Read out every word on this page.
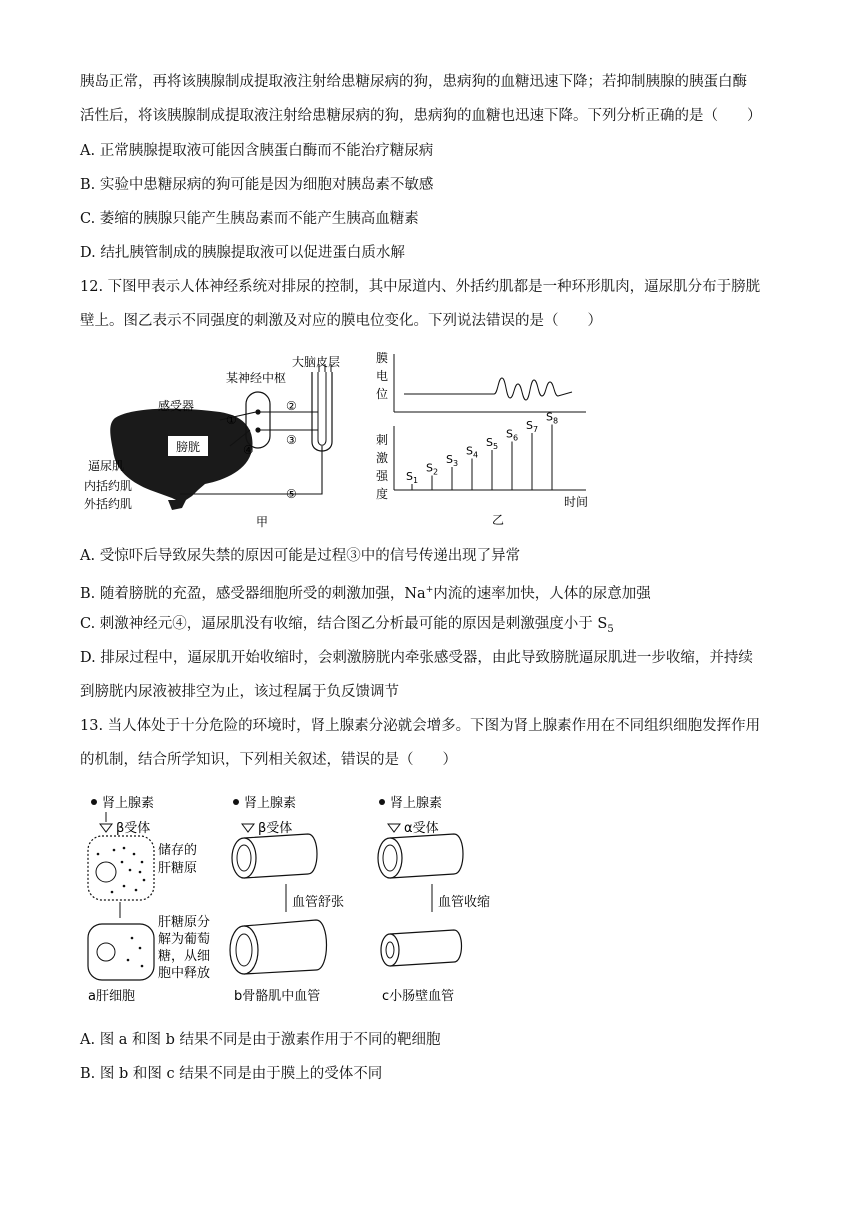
胰岛正常，再将该胰腺制成提取液注射给患糖尿病的狗，患病狗的血糖迅速下降；若抑制胰腺的胰蛋白酶
活性后，将该胰腺制成提取液注射给患糖尿病的狗，患病狗的血糖也迅速下降。下列分析正确的是（　　）
A. 正常胰腺提取液可能因含胰蛋白酶而不能治疗糖尿病
B. 实验中患糖尿病的狗可能是因为细胞对胰岛素不敏感
C. 萎缩的胰腺只能产生胰岛素而不能产生胰高血糖素
D. 结扎胰管制成的胰腺提取液可以促进蛋白质水解
12. 下图甲表示人体神经系统对排尿的控制，其中尿道内、外括约肌都是一种环形肌肉，逼尿肌分布于膀胱
壁上。图乙表示不同强度的刺激及对应的膜电位变化。下列说法错误的是（　　）
膀胱
大脑皮层
某神经中枢
感受器
①
②
③
④
⑤
逼尿肌
内括约肌
外括约肌
甲
膜
电
位
刺
激
强
度
$S_1$
$S_2$
$S_3$
$S_4$
$S_5$
$S_6$
$S_7$
$S_8$
时间
乙
A. 受惊吓后导致尿失禁的原因可能是过程③中的信号传递出现了异常
B. 随着膀胱的充盈，感受器细胞所受的刺激加强，Na+内流的速率加快，人体的尿意加强
C. 刺激神经元④，逼尿肌没有收缩，结合图乙分析最可能的原因是刺激强度小于 $S_5$
D. 排尿过程中，逼尿肌开始收缩时，会刺激膀胱内牵张感受器，由此导致膀胱逼尿肌进一步收缩，并持续
到膀胱内尿液被排空为止，该过程属于负反馈调节
13. 当人体处于十分危险的环境时，肾上腺素分泌就会增多。下图为肾上腺素作用在不同组织细胞发挥作用
的机制，结合所学知识，下列相关叙述，错误的是（　　）
肾上腺素
β受体
储存的
肝糖原
肝糖原分
解为葡萄
糖，从细
胞中释放
a肝细胞
肾上腺素
β受体
血管舒张
b骨骼肌中血管
肾上腺素
α受体
血管收缩
c小肠壁血管
A. 图 a 和图 b 结果不同是由于激素作用于不同的靶细胞
B. 图 b 和图 c 结果不同是由于膜上的受体不同
